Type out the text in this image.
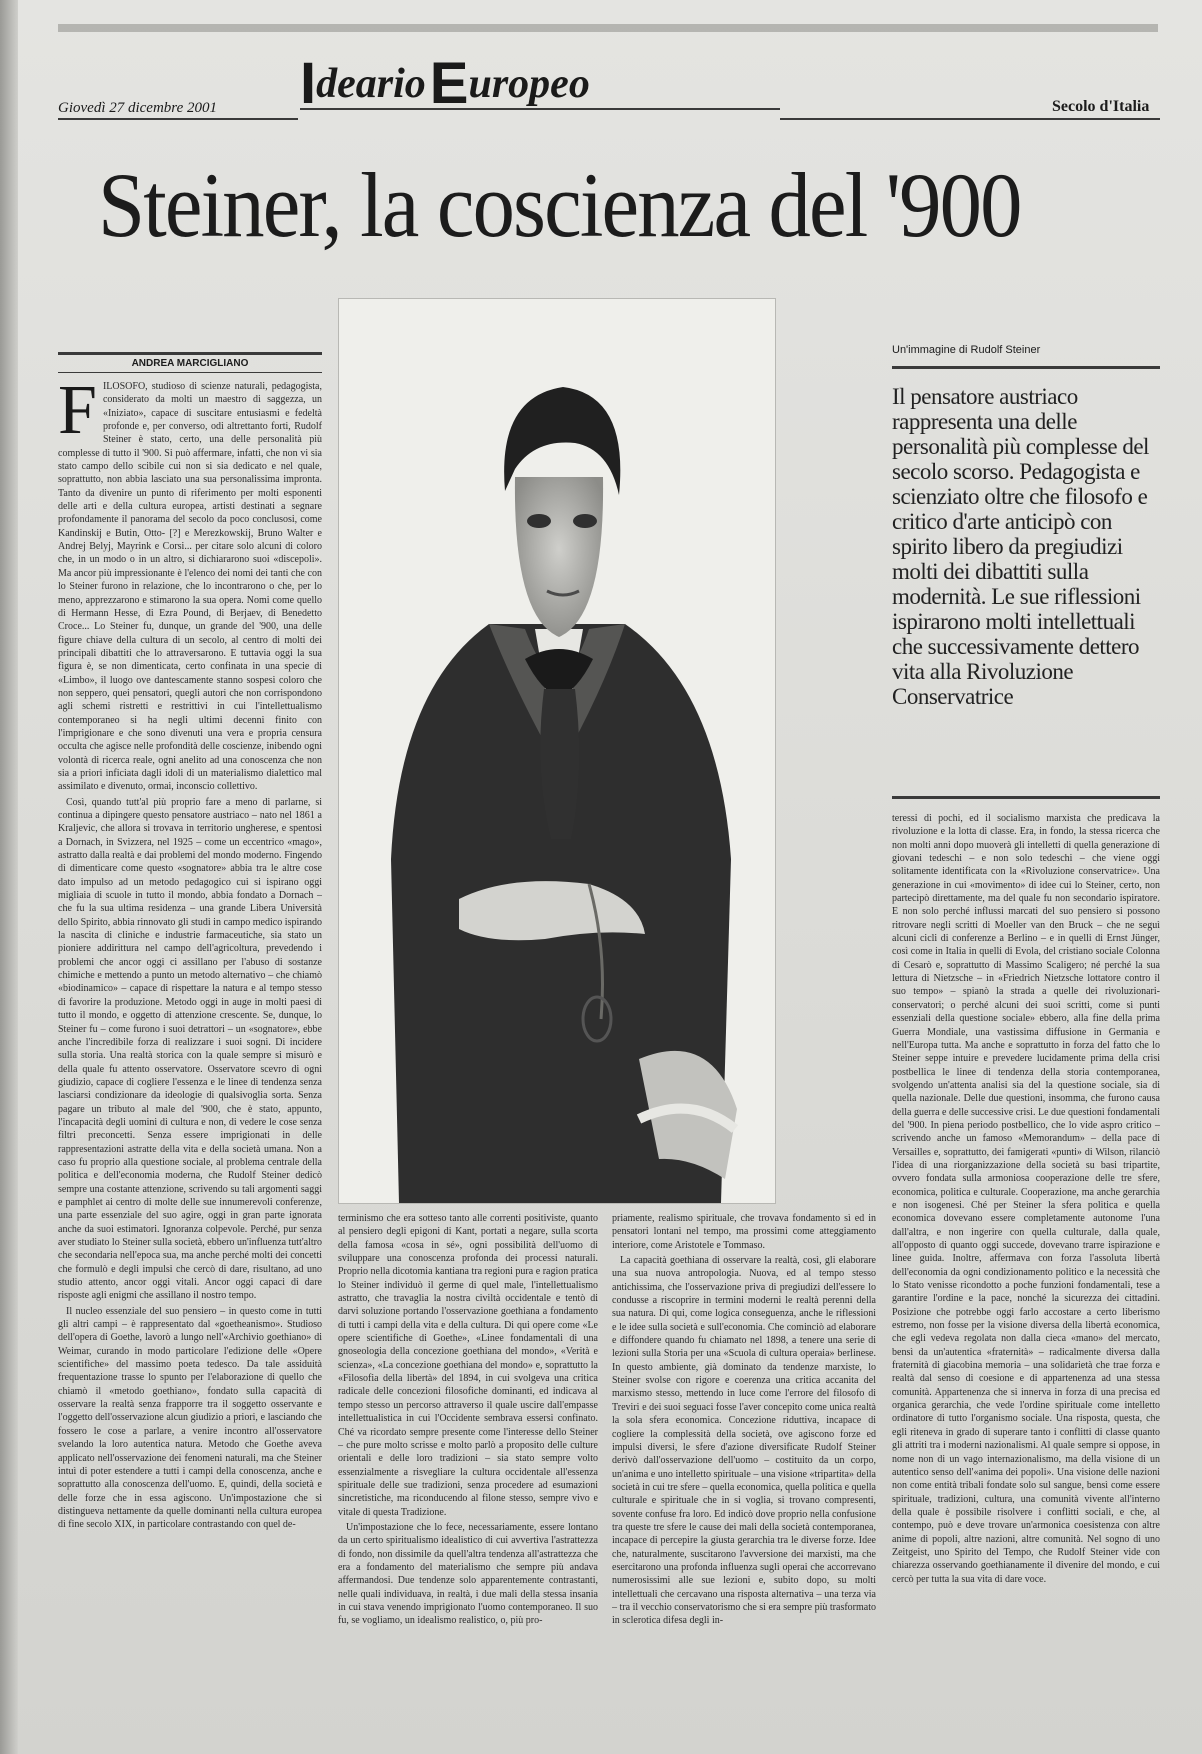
Ideario Europeo
Giovedì 27 dicembre 2001	Secolo d'Italia
Steiner, la coscienza del '900
ANDREA MARCIGLIANO
F ILOSOFO, studioso di scienze naturali, pedagogista, considerato da molti un maestro di saggezza, un «Iniziato», capace di suscitare entusiasmi e fedeltà profonde e, per converso, odi altrettanto forti, Rudolf Steiner è stato, certo, una delle personalità più complesse di tutto il '900. Si può affermare, infatti, che non vi sia stato campo dello scibile cui non si sia dedicato e nel quale, soprattutto, non abbia lasciato una sua personalissima impronta. Tanto da divenire un punto di riferimento per molti esponenti delle arti e della cultura europea, artisti destinati a segnare profondamente il panorama del secolo da poco conclusosi, come Kandinskij e Butin, Otto- [?] e Merezkowskij, Bruno Walter e Andrej Belyj, Mayrink e Corsi... per citare solo alcuni di coloro che, in un modo o in un altro, si dichiararono suoi «discepoli». Ma ancor più impressionante è l'elenco dei nomi dei tanti che con lo Steiner furono in relazione, che lo incontrarono o che, per lo meno, apprezzarono e stimarono la sua opera. Nomi come quello di Hermann Hesse, di Ezra Pound, di Berjaev, di Benedetto Croce... Lo Steiner fu, dunque, un grande del '900, una delle figure chiave della cultura di un secolo, al centro di molti dei principali dibattiti che lo attraversarono. E tuttavia oggi la sua figura è, se non dimenticata, certo confinata in una specie di «Limbo», il luogo ove dantescamente stanno sospesi coloro che non seppero, quei pensatori, quegli autori che non corrispondono agli schemi ristretti e restrittivi in cui l'intellettualismo contemporaneo si ha negli ultimi decenni finito con l'imprigionare e che sono divenuti una vera e propria censura occulta che agisce nelle profondità delle coscienze, inibendo ogni volontà di ricerca reale, ogni anelito ad una conoscenza che non sia a priori inficiata dagli idoli di un materialismo dialettico mal assimilato e divenuto, ormai, inconscio collettivo.

Così, quando tutt'al più proprio fare a meno di parlarne, si continua a dipingere questo pensatore austriaco – nato nel 1861 a Kraljevic, che allora si trovava in territorio ungherese, e spentosi a Dornach, in Svizzera, nel 1925 – come un eccentrico «mago», astratto dalla realtà e dai problemi del mondo moderno. Fingendo di dimenticare come questo «sognatore» abbia tra le altre cose dato impulso ad un metodo pedagogico cui si ispirano oggi migliaia di scuole in tutto il mondo, abbia fondato a Dornach – che fu la sua ultima residenza – una grande Libera Università dello Spirito, abbia rinnovato gli studi in campo medico ispirando la nascita di cliniche e industrie farmaceutiche, sia stato un pioniere addirittura nel campo dell'agricoltura, prevedendo i problemi che ancor oggi ci assillano per l'abuso di sostanze chimiche e mettendo a punto un metodo alternativo – che chiamò «biodinamico» – capace di rispettare la natura e al tempo stesso di favorire la produzione. Metodo oggi in auge in molti paesi di tutto il mondo, e oggetto di attenzione crescente. Se, dunque, lo Steiner fu – come furono i suoi detrattori – un «sognatore», ebbe anche l'incredibile forza di realizzare i suoi sogni. Di incidere sulla storia. Una realtà storica con la quale sempre si misurò e della quale fu attento osservatore. Osservatore scevro di ogni giudizio, capace di cogliere l'essenza e le linee di tendenza senza lasciarsi condizionare da ideologie di qualsivoglia sorta. Senza pagare un tributo al male del '900, che è stato, appunto, l'incapacità degli uomini di cultura e non, di vedere le cose senza filtri preconcetti. Senza essere imprigionati in delle rappresentazioni astratte della vita e della società umana. Non a caso fu proprio alla questione sociale, al problema centrale della politica e dell'economia moderna, che Rudolf Steiner dedicò sempre una costante attenzione, scrivendo su tali argomenti saggi e pamphlet ai centro di molte delle sue innumerevoli conferenze, una parte essenziale del suo agire, oggi in gran parte ignorata anche da suoi estimatori. Ignoranza colpevole. Perché, pur senza aver studiato lo Steiner sulla società, ebbero un'influenza tutt'altro che secondaria nell'epoca sua, ma anche perché molti dei concetti che formulò e degli impulsi che cercò di dare, risultano, ad uno studio attento, ancor oggi vitali. Ancor oggi capaci di dare risposte agli enigmi che assillano il nostro tempo.

Il nucleo essenziale del suo pensiero – in questo come in tutti gli altri campi – è rappresentato dal «goetheanismo». Studioso dell'opera di Goethe, lavorò a lungo nell'«Archivio goethiano» di Weimar, curando in modo particolare l'edizione delle «Opere scientifiche» del massimo poeta tedesco. Da tale assiduità frequentazione trasse lo spunto per l'elaborazione di quello che chiamò il «metodo goethiano», fondato sulla capacità di osservare la realtà senza frapporre tra il soggetto osservante e l'oggetto dell'osservazione alcun giudizio a priori, e lasciando che fossero le cose a parlare, a venire incontro all'osservatore svelando la loro autentica natura. Metodo che Goethe aveva applicato nell'osservazione dei fenomeni naturali, ma che Steiner intuì di poter estendere a tutti i campi della conoscenza, anche e soprattutto alla conoscenza dell'uomo. E, quindi, della società e delle forze che in essa agiscono. Un'impostazione che si distingueva nettamente da quelle dominanti nella cultura europea di fine secolo XIX, in particolare contrastando con quel de-

Un'immagine di Rudolf Steiner
Il pensatore austriaco rappresenta una delle personalità più complesse del secolo scorso. Pedagogista e scienziato oltre che filosofo e critico d'arte anticipò con spirito libero da pregiudizi molti dei dibattiti sulla modernità. Le sue riflessioni ispirarono molti intellettuali che successivamente dettero vita alla Rivoluzione Conservatrice

terminismo che era sotteso tanto alle correnti positiviste, quanto al pensiero degli epigoni di Kant, portati a negare, sulla scorta della famosa «cosa in sé», ogni possibilità dell'uomo di sviluppare una conoscenza profonda dei processi naturali. Proprio nella dicotomia kantiana tra regioni pura e ragion pratica lo Steiner individuò il germe di quel male, l'intellettualismo astratto, che travaglia la nostra civiltà occidentale e tentò di darvi soluzione portando l'osservazione goethiana a fondamento di tutti i campi della vita e della cultura. Di qui opere come «Le opere scientifiche di Goethe», «Linee fondamentali di una gnoseologia della concezione goethiana del mondo», «Verità e scienza», «La concezione goethiana del mondo» e, soprattutto la «Filosofia della libertà» del 1894, in cui svolgeva una critica radicale delle concezioni filosofiche dominanti, ed indicava al tempo stesso un percorso attraverso il quale uscire dall'empasse intellettualistica in cui l'Occidente sembrava essersi confinato. Ché va ricordato sempre presente come l'interesse dello Steiner – che pure molto scrisse e molto parlò a proposito delle culture orientali e delle loro tradizioni – sia stato sempre volto essenzialmente a risvegliare la cultura occidentale all'essenza spirituale delle sue tradizioni, senza procedere ad esumazioni sincretistiche, ma riconducendo al filone stesso, sempre vivo e vitale di questa Tradizione.

Un'impostazione che lo fece, necessariamente, essere lontano da un certo spiritualismo idealistico di cui avvertiva l'astrattezza di fondo, non dissimile da quell'altra tendenza all'astrattezza che era a fondamento del materialismo che sempre più andava affermandosi. Due tendenze solo apparentemente contrastanti, nelle quali individuava, in realtà, i due mali della stessa insania in cui stava venendo imprigionato l'uomo contemporaneo. Il suo fu, se vogliamo, un idealismo realistico, o, più pro-

priamente, realismo spirituale, che trovava fondamento sì ed in pensatori lontani nel tempo, ma prossimi come atteggiamento interiore, come Aristotele e Tommaso.

La capacità goethiana di osservare la realtà, così, gli elaborare una sua nuova antropologia. Nuova, ed al tempo stesso antichissima, che l'osservazione priva di pregiudizi dell'essere lo condusse a riscoprire in termini moderni le realtà perenni della sua natura. Di qui, come logica conseguenza, anche le riflessioni e le idee sulla società e sull'economia. Che cominciò ad elaborare e diffondere quando fu chiamato nel 1898, a tenere una serie di lezioni sulla Storia per una «Scuola di cultura operaia» berlinese. In questo ambiente, già dominato da tendenze marxiste, lo Steiner svolse con rigore e coerenza una critica accanita del marxismo stesso, mettendo in luce come l'errore del filosofo di Treviri e dei suoi seguaci fosse l'aver concepito come unica realtà la sola sfera economica. Concezione riduttiva, incapace di cogliere la complessità della società, ove agiscono forze ed impulsi diversi, le sfere d'azione diversificate Rudolf Steiner derivò dall'osservazione dell'uomo – costituito da un corpo, un'anima e uno intelletto spirituale – una visione «tripartita» della società in cui tre sfere – quella economica, quella politica e quella culturale e spirituale che in si voglia, si trovano compresenti, sovente confuse fra loro. Ed indicò dove proprio nella confusione tra queste tre sfere le cause dei mali della società contemporanea, incapace di percepire la giusta gerarchia tra le diverse forze. Idee che, naturalmente, suscitarono l'avversione dei marxisti, ma che esercitarono una profonda influenza sugli operai che accorrevano numerosissimi alle sue lezioni e, subito dopo, su molti intellettuali che cercavano una risposta alternativa – una terza via – tra il vecchio conservatorismo che si era sempre più trasformato in sclerotica difesa degli in-

teressi di pochi, ed il socialismo marxista che predicava la rivoluzione e la lotta di classe. Era, in fondo, la stessa ricerca che non molti anni dopo muoverà gli intelletti di quella generazione di giovani tedeschi – e non solo tedeschi – che viene oggi solitamente identificata con la «Rivoluzione conservatrice». Una generazione in cui «movimento» di idee cui lo Steiner, certo, non partecipò direttamente, ma del quale fu non secondario ispiratore. E non solo perché influssi marcati del suo pensiero si possono ritrovare negli scritti di Moeller van den Bruck – che ne seguì alcuni cicli di conferenze a Berlino – e in quelli di Ernst Jünger, così come in Italia in quelli di Evola, del cristiano sociale Colonna di Cesarò e, soprattutto di Massimo Scaligero; né perché la sua lettura di Nietzsche – in «Friedrich Nietzsche lottatore contro il suo tempo» – spianò la strada a quelle dei rivoluzionari-conservatori; o perché alcuni dei suoi scritti, come si punti essenziali della questione sociale» ebbero, alla fine della prima Guerra Mondiale, una vastissima diffusione in Germania e nell'Europa tutta. Ma anche e soprattutto in forza del fatto che lo Steiner seppe intuire e prevedere lucidamente prima della crisi postbellica le linee di tendenza della storia contemporanea, svolgendo un'attenta analisi sia del la questione sociale, sia di quella nazionale. Delle due questioni, insomma, che furono causa della guerra e delle successive crisi. Le due questioni fondamentali del '900. In piena periodo postbellico, che lo vide aspro critico – scrivendo anche un famoso «Memorandum» – della pace di Versailles e, soprattutto, dei famigerati «punti» di Wilson, rilanciò l'idea di una riorganizzazione della società su basi tripartite, ovvero fondata sulla armoniosa cooperazione delle tre sfere, economica, politica e culturale. Cooperazione, ma anche gerarchia e non isogenesi. Ché per Steiner la sfera politica e quella economica dovevano essere completamente autonome l'una dall'altra, e non ingerire con quella culturale, dalla quale, all'opposto di quanto oggi succede, dovevano trarre ispirazione e linee guida. Inoltre, affermava con forza l'assoluta libertà dell'economia da ogni condizionamento politico e la necessità che lo Stato venisse ricondotto a poche funzioni fondamentali, tese a garantire l'ordine e la pace, nonché la sicurezza dei cittadini. Posizione che potrebbe oggi farlo accostare a certo liberismo estremo, non fosse per la visione diversa della libertà economica, che egli vedeva regolata non dalla cieca «mano» del mercato, bensì da un'autentica «fraternità» – radicalmente diversa dalla fraternità di giacobina memoria – una solidarietà che trae forza e realtà dal senso di coesione e di appartenenza ad una stessa comunità. Appartenenza che si innerva in forza di una precisa ed organica gerarchia, che vede l'ordine spirituale come intelletto ordinatore di tutto l'organismo sociale. Una risposta, questa, che egli riteneva in grado di superare tanto i conflitti di classe quanto gli attriti tra i moderni nazionalismi. Al quale sempre si oppose, in nome non di un vago internazionalismo, ma della visione di un autentico senso dell'«anima dei popoli». Una visione delle nazioni non come entità tribali fondate solo sul sangue, bensì come essere spirituale, tradizioni, cultura, una comunità vivente all'interno della quale è possibile risolvere i conflitti sociali, e che, al contempo, può e deve trovare un'armonica coesistenza con altre anime di popoli, altre nazioni, altre comunità. Nel sogno di uno Zeitgeist, uno Spirito del Tempo, che Rudolf Steiner vide con chiarezza osservando goethianamente il divenire del mondo, e cui cercò per tutta la sua vita di dare voce.
